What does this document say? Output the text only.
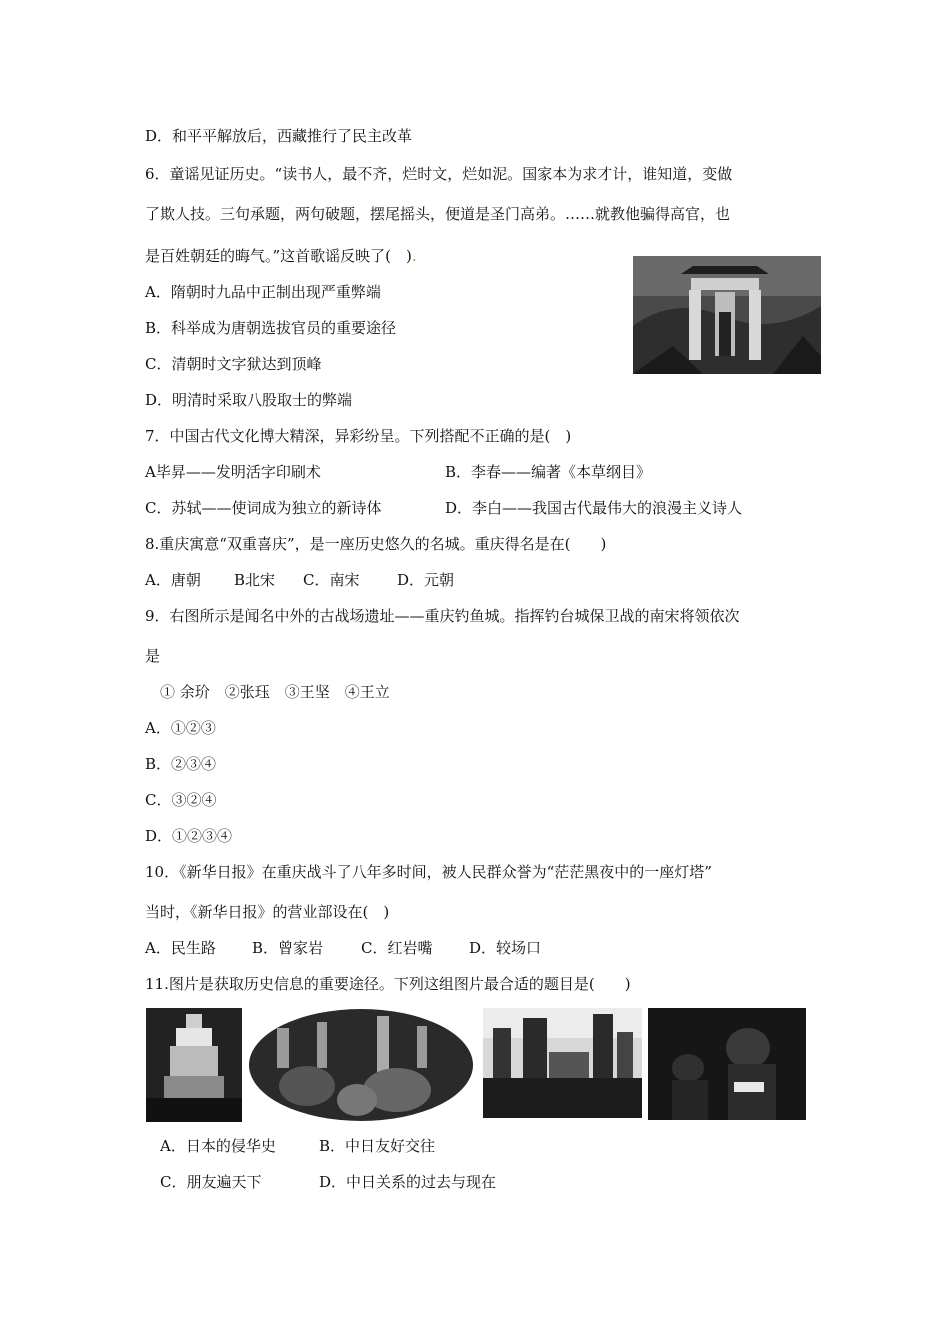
D．和平平解放后，西藏推行了民主改革
6．童谣见证历史。“读书人，最不齐，烂时文，烂如泥。国家本为求才计，谁知道，变做
了欺人技。三句承题，两句破题，摆尾摇头，便道是圣门高弟。……就教他骗得高官，也
是百姓朝廷的晦气。”这首歌谣反映了(　).
A．隋朝时九品中正制出现严重弊端
B．科举成为唐朝选拔官员的重要途径
C．清朝时文字狱达到顶峰
D．明清时采取八股取士的弊端
7．中国古代文化博大精深，异彩纷呈。下列搭配不正确的是(　)
A毕昇——发明活字印刷术	B．李春——编著《本草纲目》
C．苏轼——使词成为独立的新诗体	D．李白——我国古代最伟大的浪漫主义诗人
8.重庆寓意“双重喜庆”，是一座历史悠久的名城。重庆得名是在(　　)
A．唐朝 B北宋 C．南宋	D．元朝
9．右图所示是闻名中外的古战场遗址——重庆钓鱼城。指挥钓台城保卫战的南宋将领依次
是
① 余玠　②张珏　③王坚　④王立
A．①②③
B．②③④
C．③②④
D．①②③④
10．《新华日报》在重庆战斗了八年多时间，被人民群众誉为“茫茫黑夜中的一座灯塔”
当时，《新华日报》的营业部设在(　)
A．民生路 B．曾家岩	C．红岩嘴 D．较场口
11.图片是获取历史信息的重要途径。下列这组图片最合适的题目是(　　)
A．日本的侵华史	B．中日友好交往
C．朋友遍天下	D．中日关系的过去与现在
